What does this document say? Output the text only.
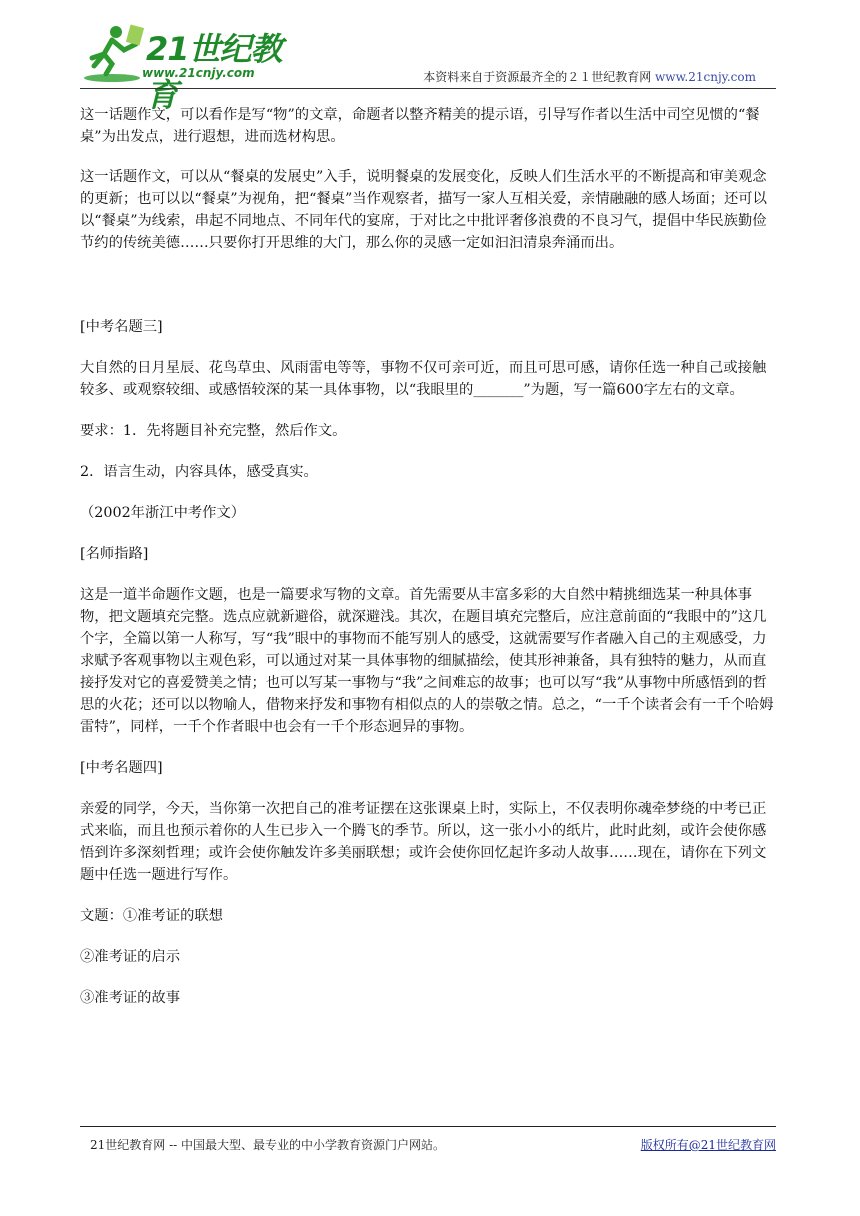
21世纪教育
www.21cnjy.com	本资料来自于资源最齐全的２１世纪教育网 www.21cnjy.com

这一话题作文，可以看作是写“物”的文章，命题者以整齐精美的提示语，引导写作者以生活中司空见惯的“餐桌”为出发点，进行遐想，进而选材构思。

这一话题作文，可以从“餐桌的发展史”入手，说明餐桌的发展变化，反映人们生活水平的不断提高和审美观念的更新；也可以以“餐桌”为视角，把“餐桌”当作观察者，描写一家人互相关爱，亲情融融的感人场面；还可以以“餐桌”为线索，串起不同地点、不同年代的宴席，于对比之中批评奢侈浪费的不良习气，提倡中华民族勤俭节约的传统美德……只要你打开思维的大门，那么你的灵感一定如汩汩清泉奔涌而出。

[中考名题三]

大自然的日月星辰、花鸟草虫、风雨雷电等等，事物不仅可亲可近，而且可思可感，请你任选一种自己或接触较多、或观察较细、或感悟较深的某一具体事物，以“我眼里的_______”为题，写一篇600字左右的文章。

要求：1．先将题目补充完整，然后作文。

2．语言生动，内容具体，感受真实。

（2002年浙江中考作文）

[名师指路]

这是一道半命题作文题，也是一篇要求写物的文章。首先需要从丰富多彩的大自然中精挑细选某一种具体事物，把文题填充完整。选点应就新避俗，就深避浅。其次，在题目填充完整后，应注意前面的“我眼中的”这几个字，全篇以第一人称写，写“我”眼中的事物而不能写别人的感受，这就需要写作者融入自己的主观感受，力求赋予客观事物以主观色彩，可以通过对某一具体事物的细腻描绘，使其形神兼备，具有独特的魅力，从而直接抒发对它的喜爱赞美之情；也可以写某一事物与“我”之间难忘的故事；也可以写“我”从事物中所感悟到的哲思的火花；还可以以物喻人，借物来抒发和事物有相似点的人的崇敬之情。总之，“一千个读者会有一千个哈姆雷特”，同样，一千个作者眼中也会有一千个形态迥异的事物。

[中考名题四]

亲爱的同学，今天，当你第一次把自己的准考证摆在这张课桌上时，实际上，不仅表明你魂牵梦绕的中考已正式来临，而且也预示着你的人生已步入一个腾飞的季节。所以，这一张小小的纸片，此时此刻，或许会使你感悟到许多深刻哲理；或许会使你触发许多美丽联想；或许会使你回忆起许多动人故事……现在，请你在下列文题中任选一题进行写作。

文题：①准考证的联想

②准考证的启示

③准考证的故事

21世纪教育网 -- 中国最大型、最专业的中小学教育资源门户网站。	版权所有@21世纪教育网
